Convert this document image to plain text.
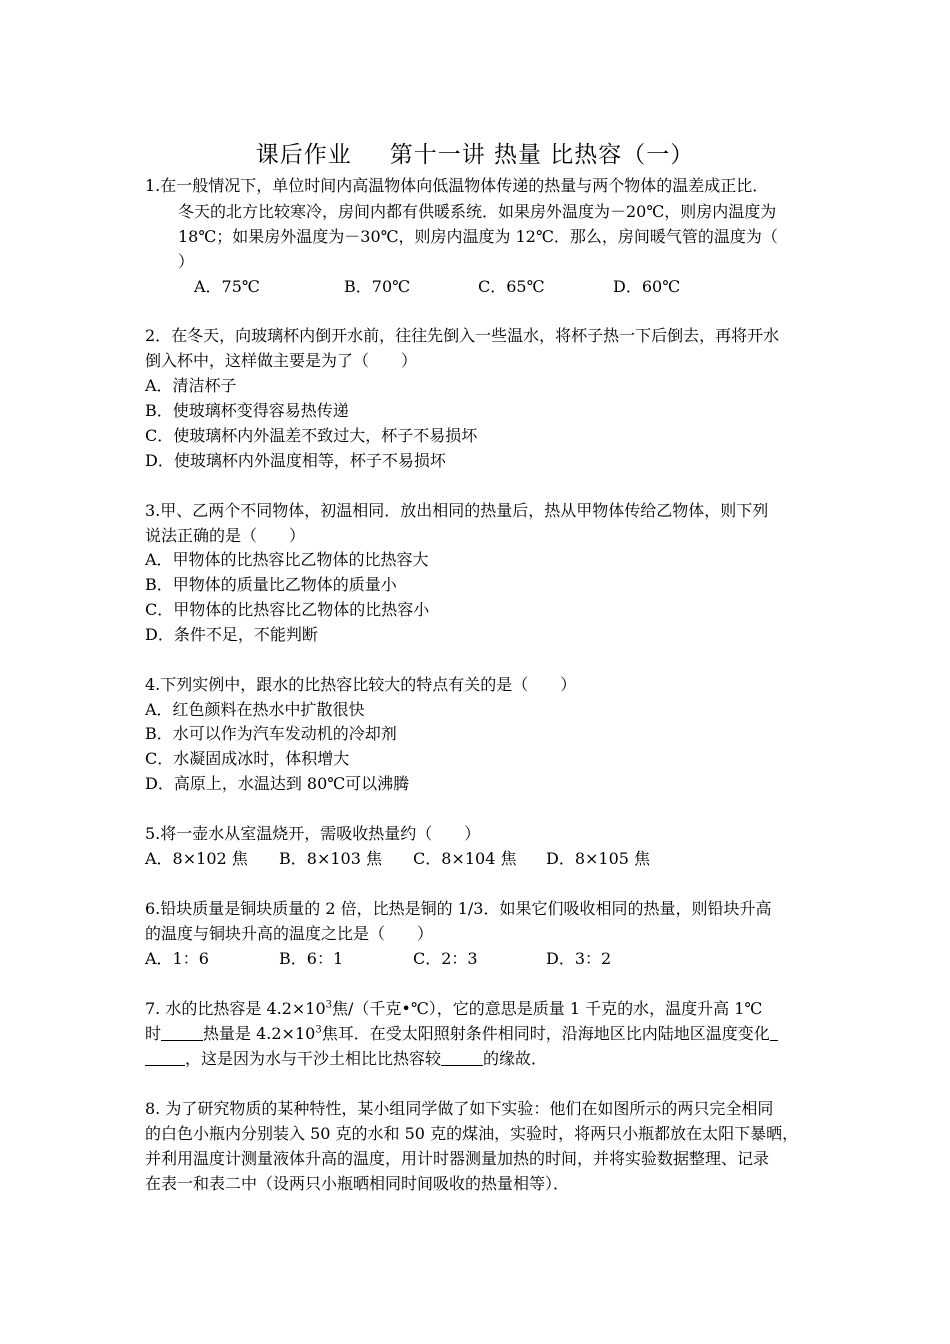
课后作业 第十一讲 热量 比热容（一）
1.在一般情况下，单位时间内高温物体向低温物体传递的热量与两个物体的温差成正比．
冬天的北方比较寒冷，房间内都有供暖系统．如果房外温度为－20℃，则房内温度为
18℃；如果房外温度为－30℃，则房内温度为 12℃．那么，房间暖气管的温度为（
）
A．75℃	B．70℃	C．65℃	D．60℃
2．在冬天，向玻璃杯内倒开水前，往往先倒入一些温水，将杯子热一下后倒去，再将开水
倒入杯中，这样做主要是为了（　　）
A．清洁杯子
B．使玻璃杯变得容易热传递
C．使玻璃杯内外温差不致过大，杯子不易损坏
D．使玻璃杯内外温度相等，杯子不易损坏
3.甲、乙两个不同物体，初温相同．放出相同的热量后，热从甲物体传给乙物体，则下列
说法正确的是（　　）
A．甲物体的比热容比乙物体的比热容大
B．甲物体的质量比乙物体的质量小
C．甲物体的比热容比乙物体的比热容小
D．条件不足，不能判断
4.下列实例中，跟水的比热容比较大的特点有关的是（　　）
A．红色颜料在热水中扩散很快
B．水可以作为汽车发动机的冷却剂
C．水凝固成冰时，体积增大
D．高原上，水温达到 80℃可以沸腾
5.将一壶水从室温烧开，需吸收热量约（　　）
A．8×102 焦 B．8×103 焦 C．8×104 焦 D．8×105 焦
6.铅块质量是铜块质量的 2 倍，比热是铜的 1/3．如果它们吸收相同的热量，则铅块升高
的温度与铜块升高的温度之比是（　　）
A．1：6	B．6：1	C．2：3	D．3：2
7. 水的比热容是 $4.2\times 10^3$焦/（千克•℃），它的意思是质量 1 千克的水，温度升高 1℃
时	热量是 $4.2\times 10^3$焦耳．在受太阳照射条件相同时，沿海地区比内陆地区温度变化
，这是因为水与干沙土相比比热容较	的缘故．
8. 为了研究物质的某种特性，某小组同学做了如下实验：他们在如图所示的两只完全相同
的白色小瓶内分别装入 50 克的水和 50 克的煤油，实验时，将两只小瓶都放在太阳下暴晒，
并利用温度计测量液体升高的温度，用计时器测量加热的时间，并将实验数据整理、记录
在表一和表二中（设两只小瓶晒相同时间吸收的热量相等）．
